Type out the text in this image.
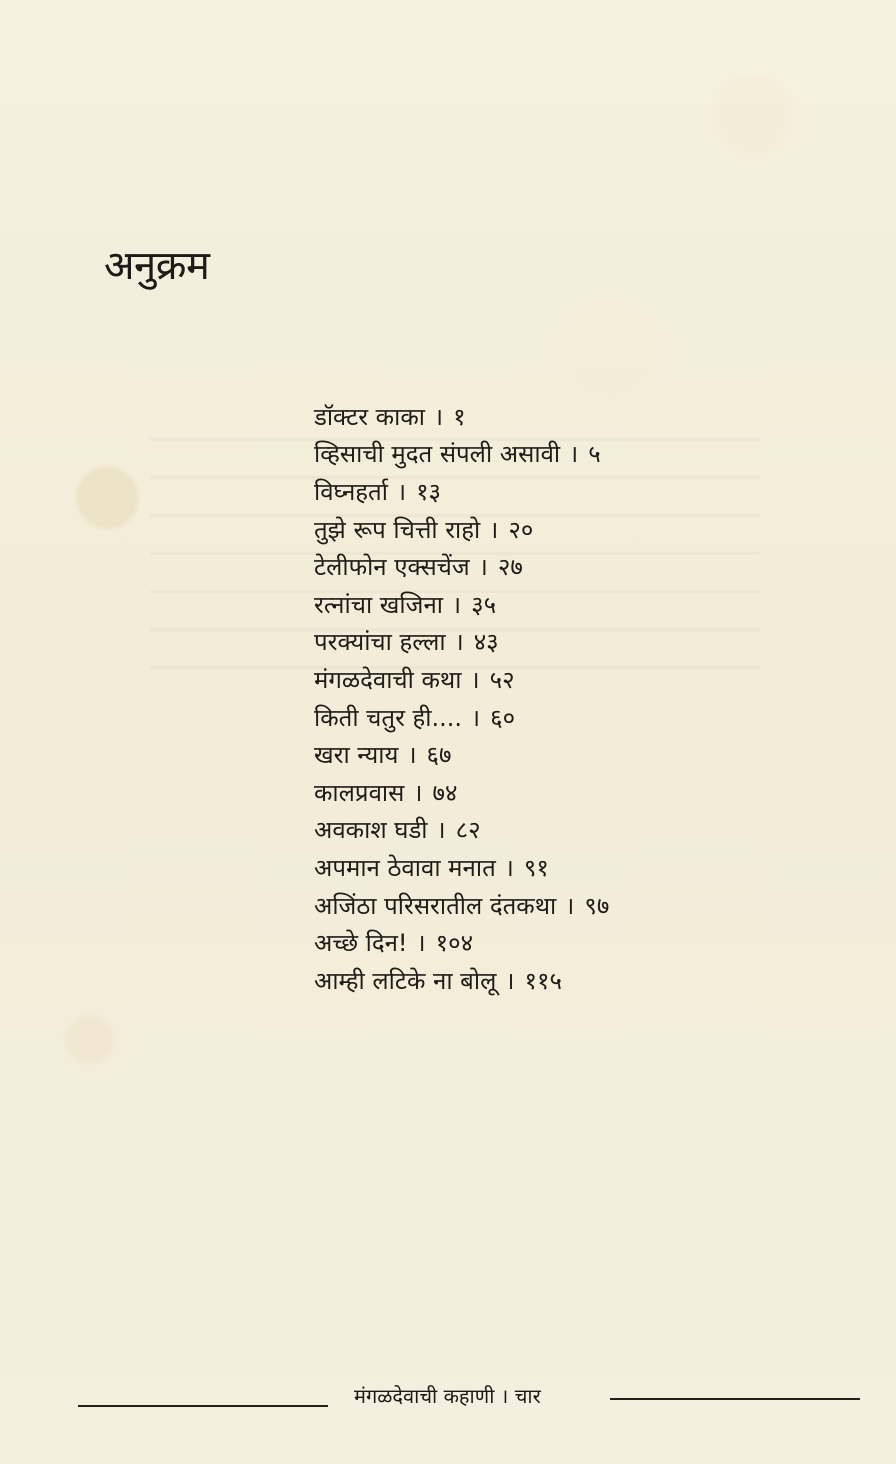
अनुक्रम
डॉक्टर काका । १
व्हिसाची मुदत संपली असावी । ५
विघ्नहर्ता । १३
तुझे रूप चित्ती राहो । २०
टेलीफोन एक्सचेंज । २७
रत्नांचा खजिना । ३५
परक्यांचा हल्ला । ४३
मंगळदेवाची कथा । ५२
किती चतुर ही.... । ६०
खरा न्याय । ६७
कालप्रवास । ७४
अवकाश घडी । ८२
अपमान ठेवावा मनात । ९१
अजिंठा परिसरातील दंतकथा । ९७
अच्छे दिन! । १०४
आम्ही लटिके ना बोलू । ११५
मंगळदेवाची कहाणी । चार
